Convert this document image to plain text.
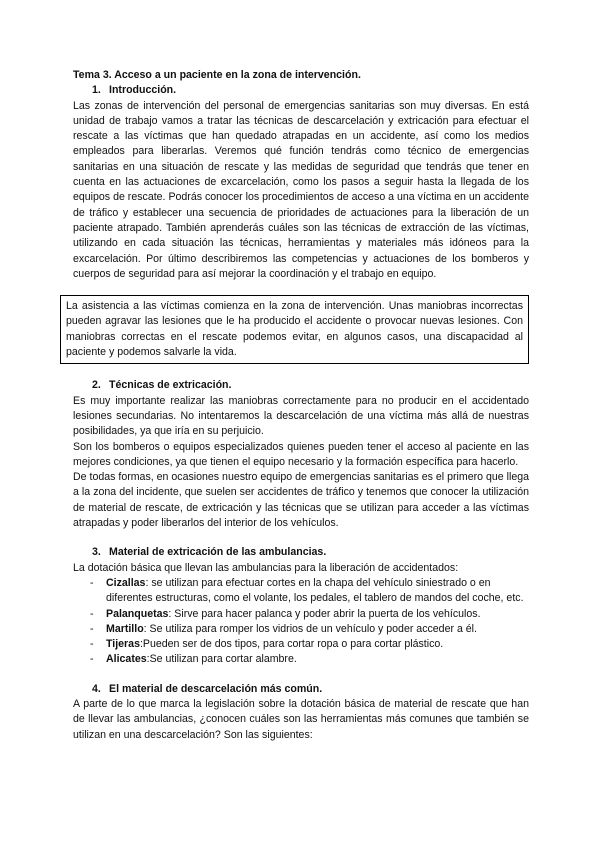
Tema 3. Acceso a un paciente en la zona de intervención.

1. Introducción.

Las zonas de intervención del personal de emergencias sanitarias son muy diversas. En está unidad de trabajo vamos a tratar las técnicas de descarcelación y extricación para efectuar el rescate a las víctimas que han quedado atrapadas en un accidente, así como los medios empleados para liberarlas. Veremos qué función tendrás como técnico de emergencias sanitarias en una situación de rescate y las medidas de seguridad que tendrás que tener en cuenta en las actuaciones de excarcelación, como los pasos a seguir hasta la llegada de los equipos de rescate. Podrás conocer los procedimientos de acceso a una víctima en un accidente de tráfico y establecer una secuencia de prioridades de actuaciones para la liberación de un paciente atrapado. También aprenderás cuáles son las técnicas de extracción de las víctimas, utilizando en cada situación las técnicas, herramientas y materiales más idóneos para la excarcelación. Por último describiremos las competencias y actuaciones de los bomberos y cuerpos de seguridad para así mejorar la coordinación y el trabajo en equipo.

La asistencia a las víctimas comienza en la zona de intervención. Unas maniobras incorrectas pueden agravar las lesiones que le ha producido el accidente o provocar nuevas lesiones. Con maniobras correctas en el rescate podemos evitar, en algunos casos, una discapacidad al paciente y podemos salvarle la vida.

2. Técnicas de extricación.

Es muy importante realizar las maniobras correctamente para no producir en el accidentado lesiones secundarias. No intentaremos la descarcelación de una víctima más allá de nuestras posibilidades, ya que iría en su perjuicio.

Son los bomberos o equipos especializados quienes pueden tener el acceso al paciente en las mejores condiciones, ya que tienen el equipo necesario y la formación específica para hacerlo.

De todas formas, en ocasiones nuestro equipo de emergencias sanitarias es el primero que llega a la zona del incidente, que suelen ser accidentes de tráfico y tenemos que conocer la utilización de material de rescate, de extricación y las técnicas que se utilizan para acceder a las víctimas atrapadas y poder liberarlos del interior de los vehículos.

3. Material de extricación de las ambulancias.

La dotación básica que llevan las ambulancias para la liberación de accidentados:

-	Cizallas: se utilizan para efectuar cortes en la chapa del vehículo siniestrado o en diferentes estructuras, como el volante, los pedales, el tablero de mandos del coche, etc.
-	Palanquetas: Sirve para hacer palanca y poder abrir la puerta de los vehículos.
-	Martillo: Se utiliza para romper los vidrios de un vehículo y poder acceder a él.
-	Tijeras:Pueden ser de dos tipos, para cortar ropa o para cortar plástico.
-	Alicates:Se utilizan para cortar alambre.
4. El material de descarcelación más común.

A parte de lo que marca la legislación sobre la dotación básica de material de rescate que han de llevar las ambulancias, ¿conocen cuáles son las herramientas más comunes que también se utilizan en una descarcelación? Son las siguientes:
